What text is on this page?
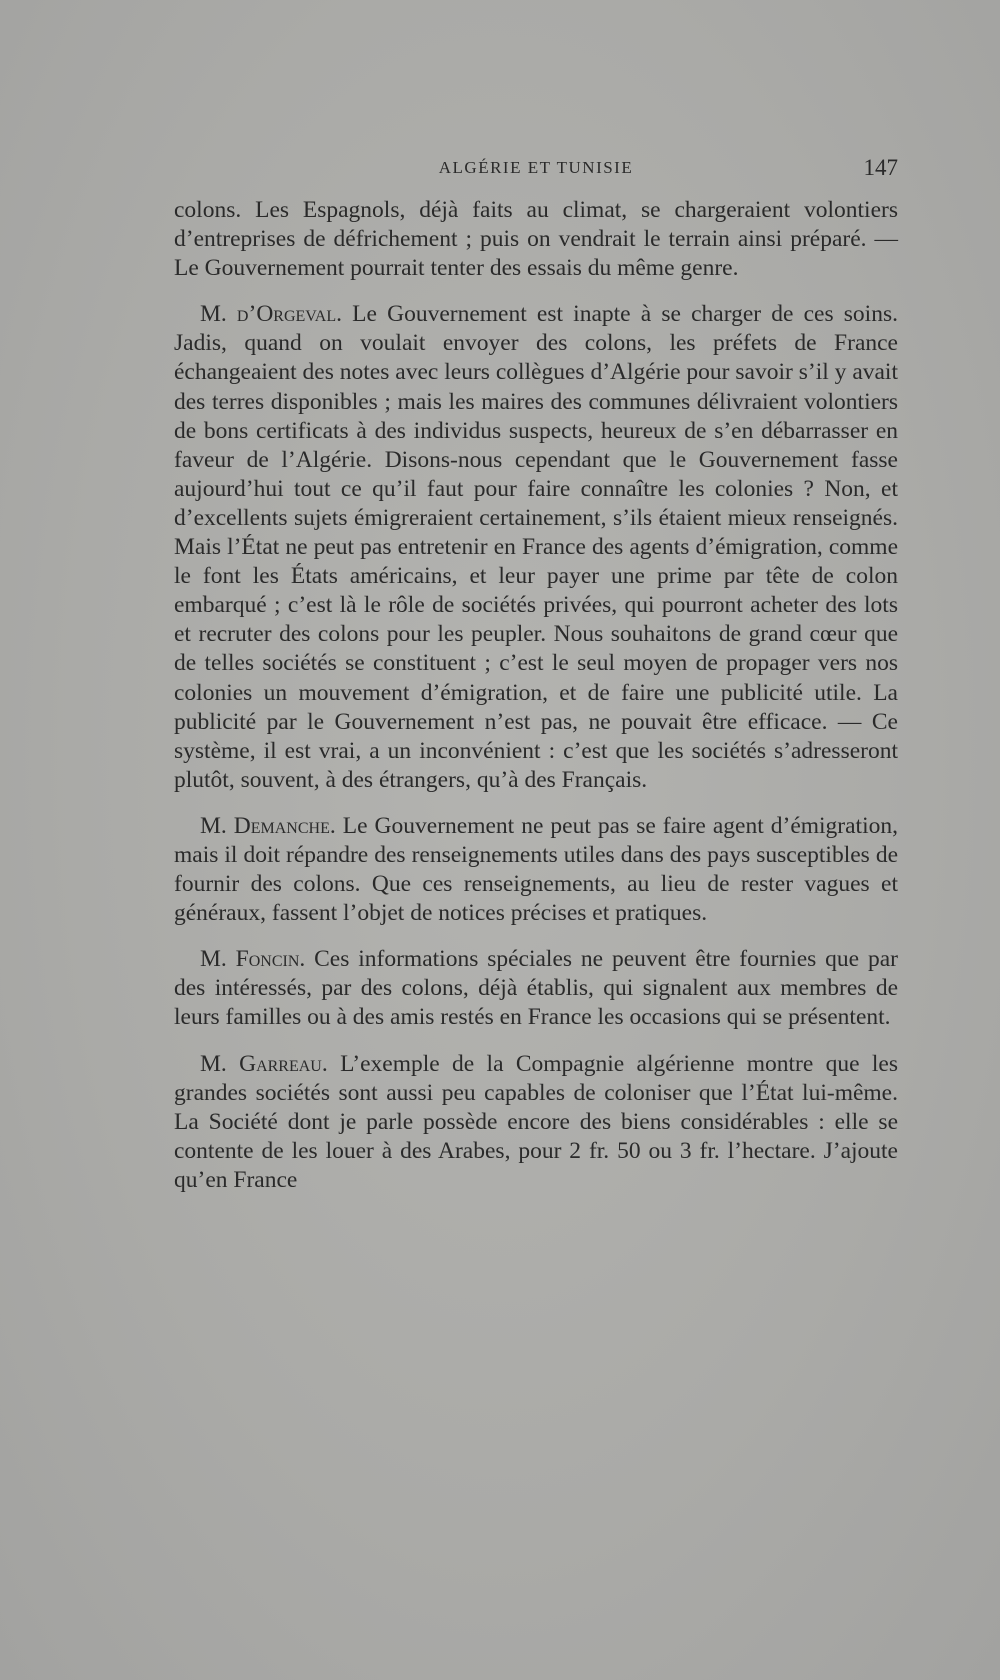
ALGÉRIE ET TUNISIE	147

colons. Les Espagnols, déjà faits au climat, se chargeraient volontiers d’entreprises de défrichement ; puis on vendrait le terrain ainsi préparé. — Le Gouvernement pourrait tenter des essais du même genre.

M. d’Orgeval. Le Gouvernement est inapte à se charger de ces soins. Jadis, quand on voulait envoyer des colons, les préfets de France échangeaient des notes avec leurs collègues d’Algérie pour savoir s’il y avait des terres disponibles ; mais les maires des communes délivraient volontiers de bons certificats à des individus suspects, heureux de s’en débarrasser en faveur de l’Algérie. Disons-nous cependant que le Gouvernement fasse aujourd’hui tout ce qu’il faut pour faire connaître les colonies ? Non, et d’excellents sujets émigreraient certainement, s’ils étaient mieux renseignés. Mais l’État ne peut pas entretenir en France des agents d’émigration, comme le font les États américains, et leur payer une prime par tête de colon embarqué ; c’est là le rôle de sociétés privées, qui pourront acheter des lots et recruter des colons pour les peupler. Nous souhaitons de grand cœur que de telles sociétés se constituent ; c’est le seul moyen de propager vers nos colonies un mouvement d’émigration, et de faire une publicité utile. La publicité par le Gouvernement n’est pas, ne pouvait être efficace. — Ce système, il est vrai, a un inconvénient : c’est que les sociétés s’adresseront plutôt, souvent, à des étrangers, qu’à des Français.

M. Demanche. Le Gouvernement ne peut pas se faire agent d’émigration, mais il doit répandre des renseignements utiles dans des pays susceptibles de fournir des colons. Que ces renseignements, au lieu de rester vagues et généraux, fassent l’objet de notices précises et pratiques.

M. Foncin. Ces informations spéciales ne peuvent être fournies que par des intéressés, par des colons, déjà établis, qui signalent aux membres de leurs familles ou à des amis restés en France les occasions qui se présentent.

M. Garreau. L’exemple de la Compagnie algérienne montre que les grandes sociétés sont aussi peu capables de coloniser que l’État lui-même. La Société dont je parle possède encore des biens considérables : elle se contente de les louer à des Arabes, pour 2 fr. 50 ou 3 fr. l’hectare. J’ajoute qu’en France
